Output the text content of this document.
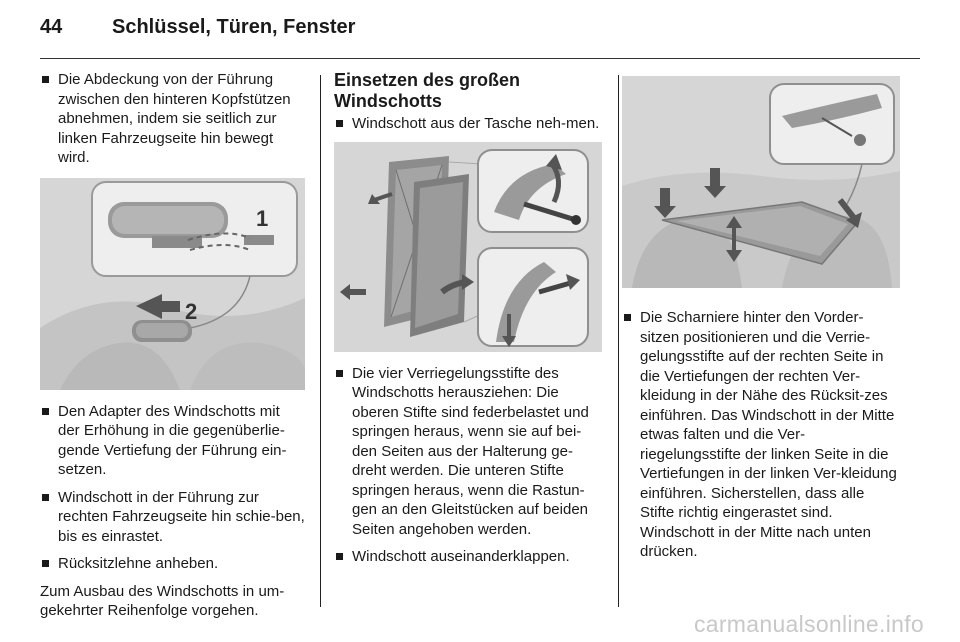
44	Schlüssel, Türen, Fenster

Die Abdeckung von der Führung zwischen den hinteren Kopfstützen abnehmen, indem sie seitlich zur linken Fahrzeugseite hin bewegt wird.

1
2

Den Adapter des Windschotts mit der Erhöhung in die gegenüberlie-gende Vertiefung der Führung ein-setzen.

Windschott in der Führung zur rechten Fahrzeugseite hin schie-ben, bis es einrastet.

Rücksitzlehne anheben.

Zum Ausbau des Windschotts in um-gekehrter Reihenfolge vorgehen.

Einsetzen des großen Windschotts

Windschott aus der Tasche neh-men.

Die vier Verriegelungsstifte des Windschotts herausziehen: Die oberen Stifte sind federbelastet und springen heraus, wenn sie auf bei-den Seiten aus der Halterung ge-dreht werden. Die unteren Stifte springen heraus, wenn die Rastun-gen an den Gleitstücken auf beiden Seiten angehoben werden.

Windschott auseinanderklappen.

Die Scharniere hinter den Vorder-sitzen positionieren und die Verrie-gelungsstifte auf der rechten Seite in die Vertiefungen der rechten Ver-kleidung in der Nähe des Rücksit-zes einführen. Das Windschott in der Mitte etwas falten und die Ver-riegelungsstifte der linken Seite in die Vertiefungen in der linken Ver-kleidung einführen. Sicherstellen, dass alle Stifte richtig eingerastet sind. Windschott in der Mitte nach unten drücken.

carmanualsonline.info
